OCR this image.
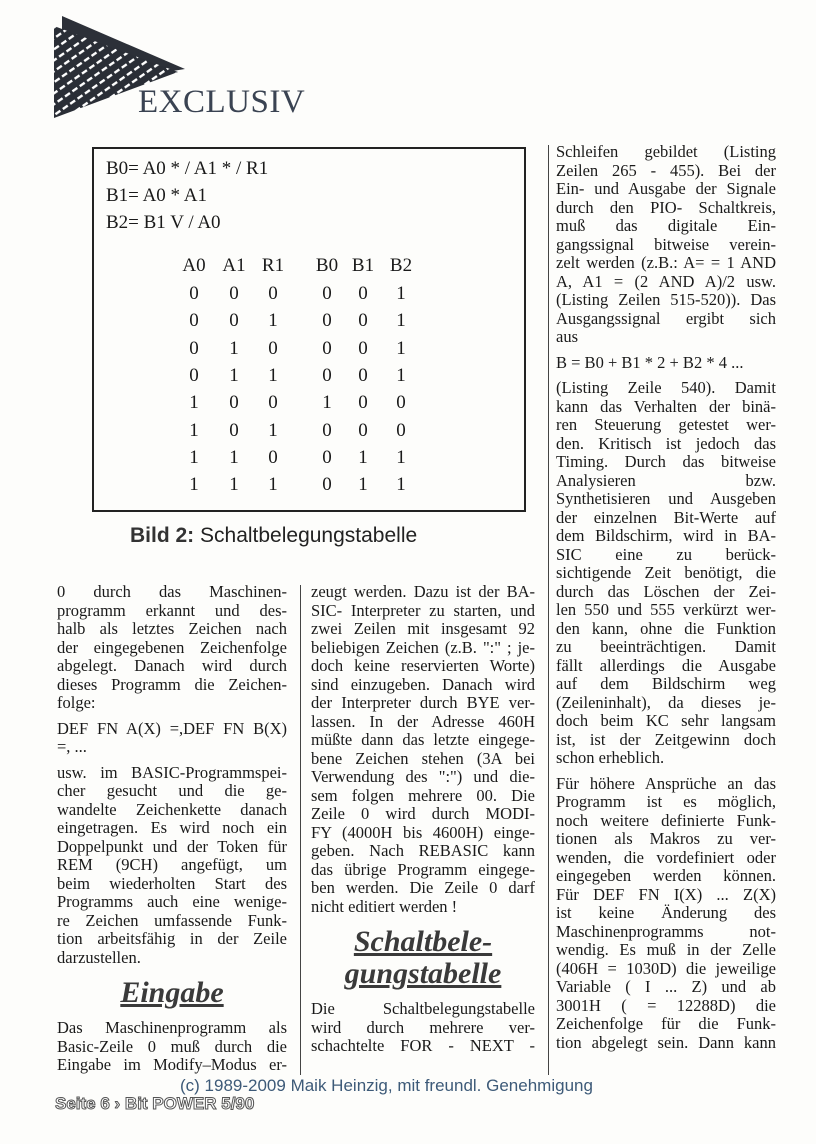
EXCLUSIV
B0= A0 * / A1 * / R1
B1= A0 * A1
B2= B1 V / A0
A0 A1 R1 B0 B1 B2
0	0	0	0	0	1
0	0	1	0	0	1
0	1	0	0	0	1
0	1	1	0	0	1
1	0	0	1	0	0
1	0	1	0	0	0
1	1	0	0	1	1
1	1	1	0	1	1
Bild 2: Schaltbelegungstabelle
0 durch das Maschinen-
programm erkannt und des-
halb als letztes Zeichen nach
der eingegebenen Zeichenfolge
abgelegt. Danach wird durch
dieses Programm die Zeichen-
folge:
DEF FN A(X) =,DEF FN B(X)
=, ...
usw. im BASIC-Programmspei-
cher gesucht und die ge-
wandelte Zeichenkette danach
eingetragen. Es wird noch ein
Doppelpunkt und der Token für
REM (9CH) angefügt, um
beim wiederholten Start des
Programms auch eine wenige-
re Zeichen umfassende Funk-
tion arbeitsfähig in der Zeile
darzustellen.
Eingabe
Das Maschinenprogramm als
Basic-Zeile 0 muß durch die
Eingabe im Modify–Modus er-
zeugt werden. Dazu ist der BA-
SIC- Interpreter zu starten, und
zwei Zeilen mit insgesamt 92
beliebigen Zeichen (z.B. ":" ; je-
doch keine reservierten Worte)
sind einzugeben. Danach wird
der Interpreter durch BYE ver-
lassen. In der Adresse 460H
müßte dann das letzte eingege-
bene Zeichen stehen (3A bei
Verwendung des ":") und die-
sem folgen mehrere 00. Die
Zeile 0 wird durch MODI-
FY (4000H bis 4600H) einge-
geben. Nach REBASIC kann
das übrige Programm eingege-
ben werden. Die Zeile 0 darf
nicht editiert werden !
Schaltbele-
gungstabelle
Die Schaltbelegungstabelle
wird durch mehrere ver-
schachtelte FOR - NEXT -
Schleifen gebildet (Listing
Zeilen 265 - 455). Bei der
Ein- und Ausgabe der Signale
durch den PIO- Schaltkreis,
muß das digitale Ein-
gangssignal bitweise verein-
zelt werden (z.B.: A= = 1 AND
A, A1 = (2 AND A)/2 usw.
(Listing Zeilen 515-520)). Das
Ausgangssignal ergibt sich
aus
B = B0 + B1 * 2 + B2 * 4 ...
(Listing Zeile 540). Damit
kann das Verhalten der binä-
ren Steuerung getestet wer-
den. Kritisch ist jedoch das
Timing. Durch das bitweise
Analysieren bzw.
Synthetisieren und Ausgeben
der einzelnen Bit-Werte auf
dem Bildschirm, wird in BA-
SIC eine zu berück-
sichtigende Zeit benötigt, die
durch das Löschen der Zei-
len 550 und 555 verkürzt wer-
den kann, ohne die Funktion
zu beeinträchtigen. Damit
fällt allerdings die Ausgabe
auf dem Bildschirm weg
(Zeileninhalt), da dieses je-
doch beim KC sehr langsam
ist, ist der Zeitgewinn doch
schon erheblich.
Für höhere Ansprüche an das
Programm ist es möglich,
noch weitere definierte Funk-
tionen als Makros zu ver-
wenden, die vordefiniert oder
eingegeben werden können.
Für DEF FN I(X) ... Z(X)
ist keine Änderung des
Maschinenprogramms not-
wendig. Es muß in der Zelle
(406H = 1030D) die jeweilige
Variable ( I ... Z) und ab
3001H ( = 12288D) die
Zeichenfolge für die Funk-
tion abgelegt sein. Dann kann
(c) 1989-2009 Maik Heinzig, mit freundl. Genehmigung
Seite 6 › Bit POWER 5/90
